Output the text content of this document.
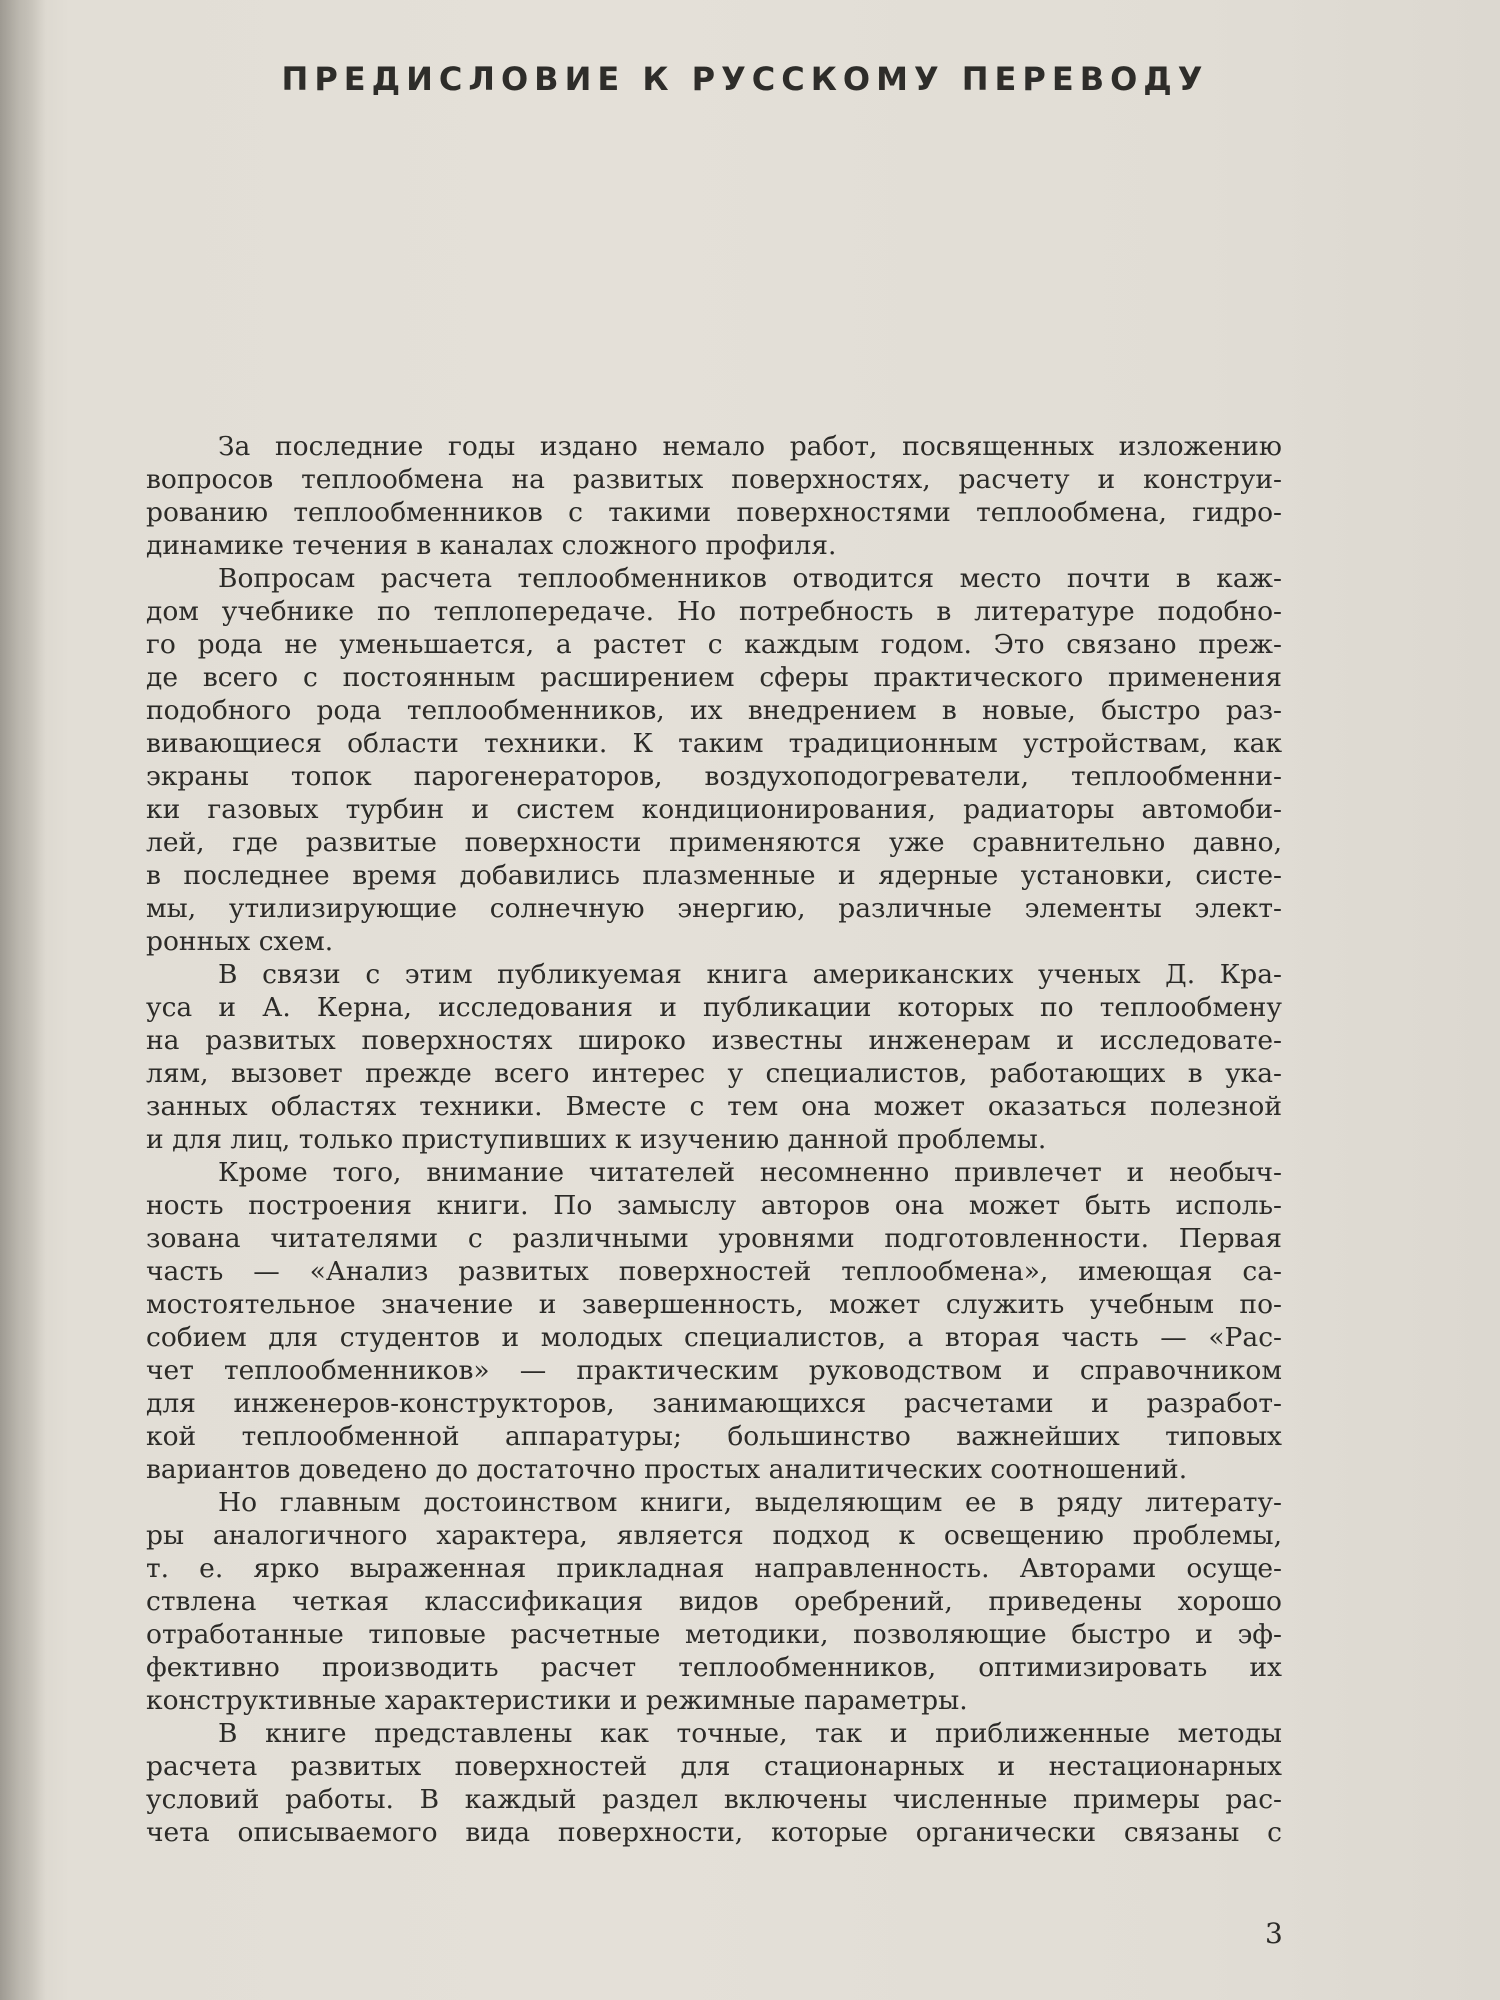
ПРЕДИСЛОВИЕ К РУССКОМУ ПЕРЕВОДУ
За последние годы издано немало работ, посвященных изложению
вопросов теплообмена на развитых поверхностях, расчету и конструи-
рованию теплообменников с такими поверхностями теплообмена, гидро-
динамике течения в каналах сложного профиля.
Вопросам расчета теплообменников отводится место почти в каж-
дом учебнике по теплопередаче. Но потребность в литературе подобно-
го рода не уменьшается, а растет с каждым годом. Это связано преж-
де всего с постоянным расширением сферы практического применения
подобного рода теплообменников, их внедрением в новые, быстро раз-
вивающиеся области техники. К таким традиционным устройствам, как
экраны топок парогенераторов, воздухоподогреватели, теплообменни-
ки газовых турбин и систем кондиционирования, радиаторы автомоби-
лей, где развитые поверхности применяются уже сравнительно давно,
в последнее время добавились плазменные и ядерные установки, систе-
мы, утилизирующие солнечную энергию, различные элементы элект-
ронных схем.
В связи с этим публикуемая книга американских ученых Д. Кра-
уса и А. Керна, исследования и публикации которых по теплообмену
на развитых поверхностях широко известны инженерам и исследовате-
лям, вызовет прежде всего интерес у специалистов, работающих в ука-
занных областях техники. Вместе с тем она может оказаться полезной
и для лиц, только приступивших к изучению данной проблемы.
Кроме того, внимание читателей несомненно привлечет и необыч-
ность построения книги. По замыслу авторов она может быть исполь-
зована читателями с различными уровнями подготовленности. Первая
часть — «Анализ развитых поверхностей теплообмена», имеющая са-
мостоятельное значение и завершенность, может служить учебным по-
собием для студентов и молодых специалистов, а вторая часть — «Рас-
чет теплообменников» — практическим руководством и справочником
для инженеров-конструкторов, занимающихся расчетами и разработ-
кой теплообменной аппаратуры; большинство важнейших типовых
вариантов доведено до достаточно простых аналитических соотношений.
Но главным достоинством книги, выделяющим ее в ряду литерату-
ры аналогичного характера, является подход к освещению проблемы,
т. е. ярко выраженная прикладная направленность. Авторами осуще-
ствлена четкая классификация видов оребрений, приведены хорошо
отработанные типовые расчетные методики, позволяющие быстро и эф-
фективно производить расчет теплообменников, оптимизировать их
конструктивные характеристики и режимные параметры.
В книге представлены как точные, так и приближенные методы
расчета развитых поверхностей для стационарных и нестационарных
условий работы. В каждый раздел включены численные примеры рас-
чета описываемого вида поверхности, которые органически связаны с
3
